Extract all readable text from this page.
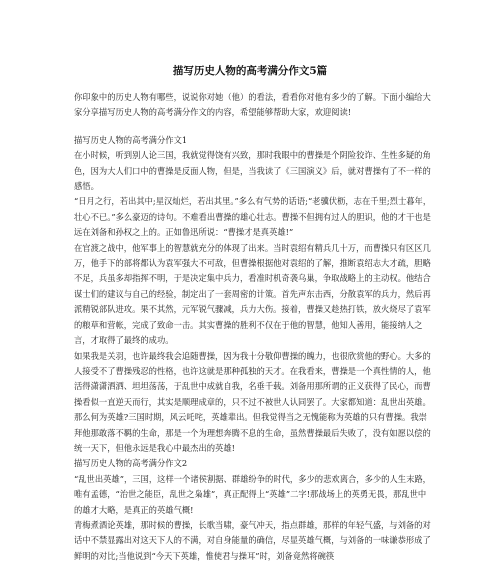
描写历史人物的高考满分作文5篇

你印象中的历史人物有哪些，说说你对她（他）的看法，看看你对他有多少的了解。下面小编给大家分享描写历史人物的高考满分作文的内容，希望能够帮助大家，欢迎阅读!

描写历史人物的高考满分作文1

在小时候，听到别人论三国，我就觉得饶有兴致，那时我眼中的曹操是个阴险狡诈、生性多疑的角色，因为大人们口中的曹操是反面人物，但是，当我读了《三国演义》后，就对曹操有了不一样的感悟。

“日月之行，若出其中;星汉灿烂，若出其里。”多么有气势的话语;“老骥伏枥，志在千里;烈士暮年，壮心不已。”多么豪迈的诗句。不难看出曹操的雄心壮志。曹操不但拥有过人的胆识，他的才干也是远在刘备和孙权之上的。正如鲁迅所说：“曹操才是真英雄!”

在官渡之战中，他军事上的智慧就充分的体现了出来。当时袁绍有精兵几十万，而曹操只有区区几万，他手下的部将都认为袁军强大不可敌，但曹操根据他对袁绍的了解，推断袁绍志大才疏，胆略不足，兵虽多却指挥不明，于是决定集中兵力，看准时机奇袭乌巢，争取战略上的主动权。他结合谋士们的建议与自己的经验，制定出了一套周密的计策。首先声东击西，分散袁军的兵力，然后再派精锐部队进攻。果不其然，元军锐气骤减，兵力大伤。接着，曹操又趁热打铁，放火烧尽了袁军的粮草和营帐，完成了致命一击。其实曹操的胜利不仅在于他的智慧，他知人善用，能接纳人之言，才取得了最终的成功。

如果我是关羽，也许最终我会追随曹操，因为我十分敬仰曹操的魄力，也很欣赏他的野心。大多的人接受不了曹操残忍的性格，也许这就是那种孤独的天才。在我看来，曹操是一个真性情的人，他活得潇潇洒洒、坦坦荡荡，于乱世中成就自我，名垂千载。刘备用那所谓的正义获得了民心，而曹操看似一直逆天而行，其实是顺理成章的，只不过不被世人认同罢了。大家都知道：乱世出英雄。那么何为英雄?三国时期，风云吒咤，英雄辈出。但我觉得当之无愧能称为英雄的只有曹操。我崇拜他那敢落不羁的生命，那是一个为理想奔腾不息的生命，虽然曹操最后失败了，没有如愿以偿的统一天下，但他永远是我心中最杰出的英雄!

描写历史人物的高考满分作文2

“乱世出英雄”，三国，这样一个诸侯割据、群雄纷争的时代，多少的悲欢离合，多少的人生末路，唯有孟德，“治世之能臣，乱世之枭雄”，真正配得上“英雄”二字!那战场上的英勇无畏，那乱世中的雄才大略，是真正的英雄气概!

青梅煮酒论英雄，那时候的曹操，长歌当啸，豪气冲天，指点群雄，那样的年轻气盛，与刘备的对话中不禁显露出对这天下人的不满，对自身能量的确信，尽显英雄气概，与刘备的一味谦恭形成了鲜明的对比;当他说到“今天下英雄，惟使君与操耳”时，刘备竟然将碗筷
